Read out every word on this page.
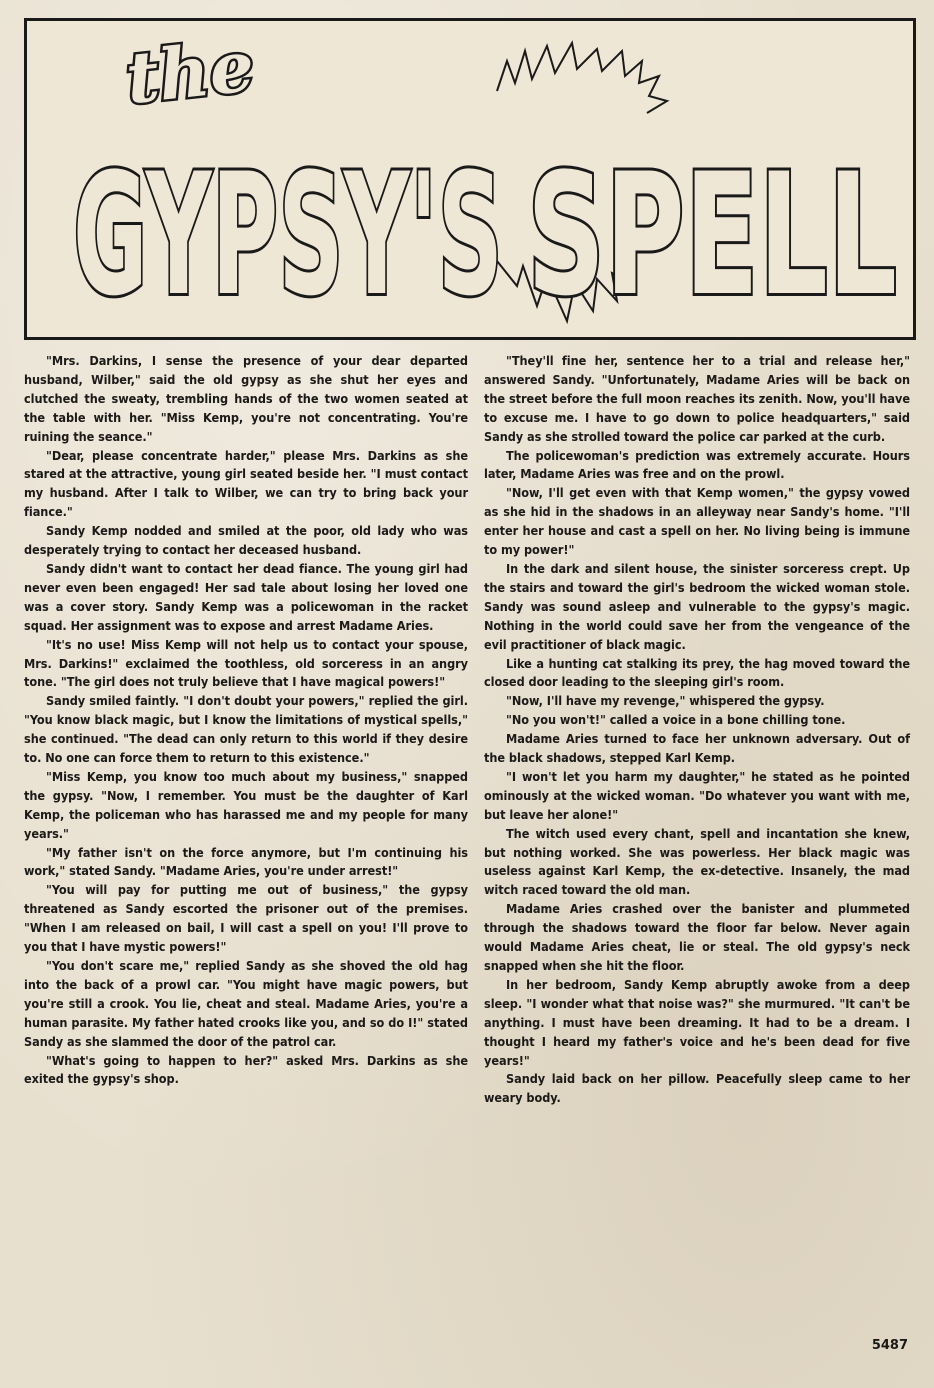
the
GYPSY'S SPELL

"Mrs. Darkins, I sense the presence of your dear departed husband, Wilber," said the old gypsy as she shut her eyes and clutched the sweaty, trembling hands of the two women seated at the table with her. "Miss Kemp, you're not concentrating. You're ruining the seance."

"Dear, please concentrate harder," please Mrs. Darkins as she stared at the attractive, young girl seated beside her. "I must contact my husband. After I talk to Wilber, we can try to bring back your fiance."

Sandy Kemp nodded and smiled at the poor, old lady who was desperately trying to contact her deceased husband.

Sandy didn't want to contact her dead fiance. The young girl had never even been engaged! Her sad tale about losing her loved one was a cover story. Sandy Kemp was a policewoman in the racket squad. Her assignment was to expose and arrest Madame Aries.

"It's no use! Miss Kemp will not help us to contact your spouse, Mrs. Darkins!" exclaimed the toothless, old sorceress in an angry tone. "The girl does not truly believe that I have magical powers!"

Sandy smiled faintly. "I don't doubt your powers," replied the girl. "You know black magic, but I know the limitations of mystical spells," she continued. "The dead can only return to this world if they desire to. No one can force them to return to this existence."

"Miss Kemp, you know too much about my business," snapped the gypsy. "Now, I remember. You must be the daughter of Karl Kemp, the policeman who has harassed me and my people for many years."

"My father isn't on the force anymore, but I'm continuing his work," stated Sandy. "Madame Aries, you're under arrest!"

"You will pay for putting me out of business," the gypsy threatened as Sandy escorted the prisoner out of the premises. "When I am released on bail, I will cast a spell on you! I'll prove to you that I have mystic powers!"

"You don't scare me," replied Sandy as she shoved the old hag into the back of a prowl car. "You might have magic powers, but you're still a crook. You lie, cheat and steal. Madame Aries, you're a human parasite. My father hated crooks like you, and so do I!" stated Sandy as she slammed the door of the patrol car.

"What's going to happen to her?" asked Mrs. Darkins as she exited the gypsy's shop.

"They'll fine her, sentence her to a trial and release her," answered Sandy. "Unfortunately, Madame Aries will be back on the street before the full moon reaches its zenith. Now, you'll have to excuse me. I have to go down to police headquarters," said Sandy as she strolled toward the police car parked at the curb.

The policewoman's prediction was extremely accurate. Hours later, Madame Aries was free and on the prowl.

"Now, I'll get even with that Kemp women," the gypsy vowed as she hid in the shadows in an alleyway near Sandy's home. "I'll enter her house and cast a spell on her. No living being is immune to my power!"

In the dark and silent house, the sinister sorceress crept. Up the stairs and toward the girl's bedroom the wicked woman stole. Sandy was sound asleep and vulnerable to the gypsy's magic. Nothing in the world could save her from the vengeance of the evil practitioner of black magic.

Like a hunting cat stalking its prey, the hag moved toward the closed door leading to the sleeping girl's room.

"Now, I'll have my revenge," whispered the gypsy.

"No you won't!" called a voice in a bone chilling tone.

Madame Aries turned to face her unknown adversary. Out of the black shadows, stepped Karl Kemp.

"I won't let you harm my daughter," he stated as he pointed ominously at the wicked woman. "Do whatever you want with me, but leave her alone!"

The witch used every chant, spell and incantation she knew, but nothing worked. She was powerless. Her black magic was useless against Karl Kemp, the ex-detective. Insanely, the mad witch raced toward the old man.

Madame Aries crashed over the banister and plummeted through the shadows toward the floor far below. Never again would Madame Aries cheat, lie or steal. The old gypsy's neck snapped when she hit the floor.

In her bedroom, Sandy Kemp abruptly awoke from a deep sleep. "I wonder what that noise was?" she murmured. "It can't be anything. I must have been dreaming. It had to be a dream. I thought I heard my father's voice and he's been dead for five years!"

Sandy laid back on her pillow. Peacefully sleep came to her weary body.

5487
